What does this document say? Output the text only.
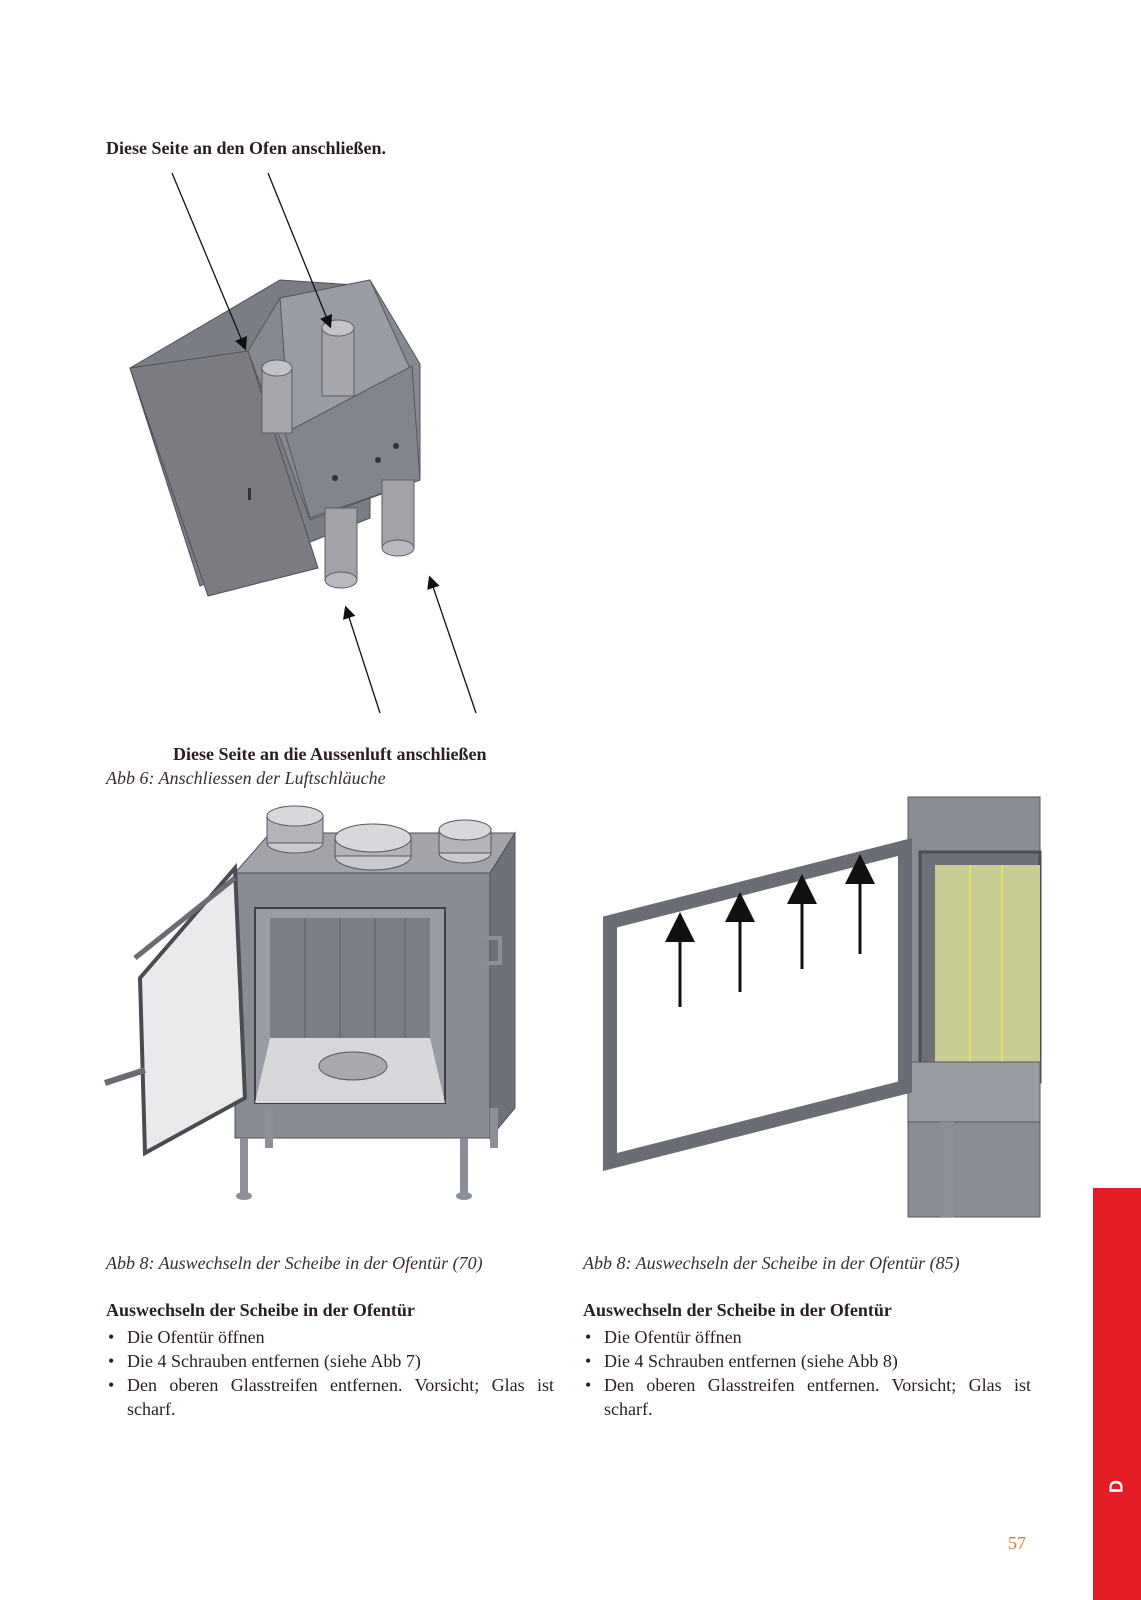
Diese Seite an den Ofen anschließen.
Diese Seite an die Aussenluft anschließen
Abb 6: Anschliessen der Luftschläuche
Abb 8: Auswechseln der Scheibe in der Ofentür (70)
Auswechseln der Scheibe in der Ofentür
• Die Ofentür öffnen
• Die 4 Schrauben entfernen (siehe Abb 7)
• Den oberen Glasstreifen entfernen. Vorsicht; Glas ist scharf.
Abb 8: Auswechseln der Scheibe in der Ofentür (85)
Auswechseln der Scheibe in der Ofentür
• Die Ofentür öffnen
• Die 4 Schrauben entfernen (siehe Abb 8)
• Den oberen Glasstreifen entfernen. Vorsicht; Glas ist scharf.
D
57
